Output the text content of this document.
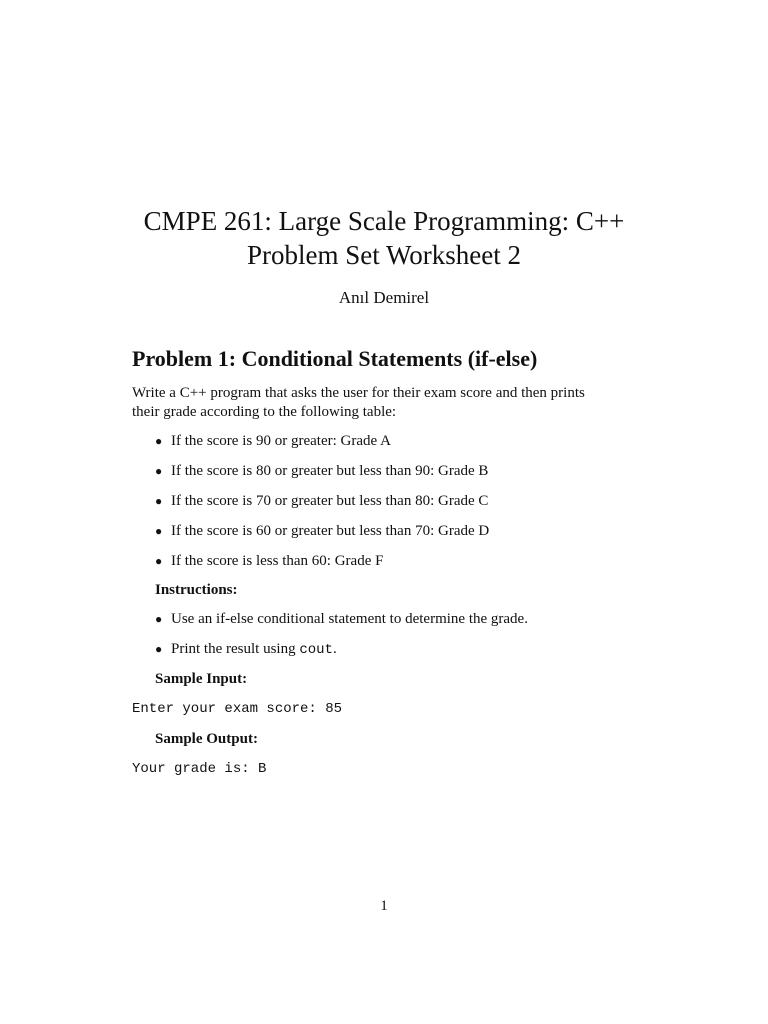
CMPE 261: Large Scale Programming: C++
Problem Set Worksheet 2
Anıl Demirel
Problem 1: Conditional Statements (if-else)
Write a C++ program that asks the user for their exam score and then prints
their grade according to the following table:
● If the score is 90 or greater: Grade A
● If the score is 80 or greater but less than 90: Grade B
● If the score is 70 or greater but less than 80: Grade C
● If the score is 60 or greater but less than 70: Grade D
● If the score is less than 60: Grade F
Instructions:
● Use an if-else conditional statement to determine the grade.
● Print the result using cout.
Sample Input:
Enter your exam score: 85
Sample Output:
Your grade is: B
1
